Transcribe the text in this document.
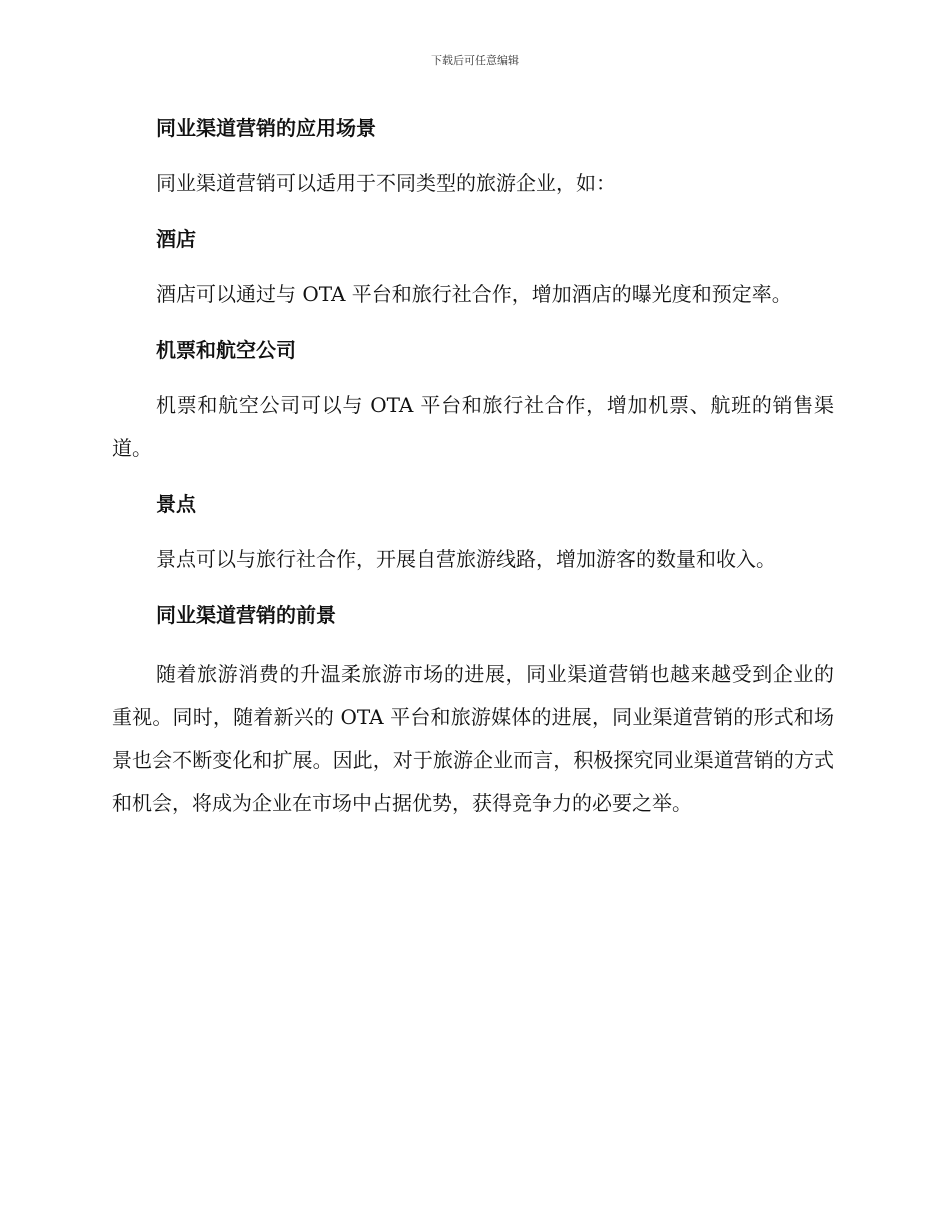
下载后可任意编辑
同业渠道营销的应用场景

同业渠道营销可以适用于不同类型的旅游企业，如：

酒店

酒店可以通过与 OTA 平台和旅行社合作，增加酒店的曝光度和预定率。

机票和航空公司

机票和航空公司可以与 OTA 平台和旅行社合作，增加机票、航班的销售渠道。

景点

景点可以与旅行社合作，开展自营旅游线路，增加游客的数量和收入。

同业渠道营销的前景

随着旅游消费的升温柔旅游市场的进展，同业渠道营销也越来越受到企业的重视。同时，随着新兴的 OTA 平台和旅游媒体的进展，同业渠道营销的形式和场景也会不断变化和扩展。因此，对于旅游企业而言，积极探究同业渠道营销的方式和机会，将成为企业在市场中占据优势，获得竞争力的必要之举。
